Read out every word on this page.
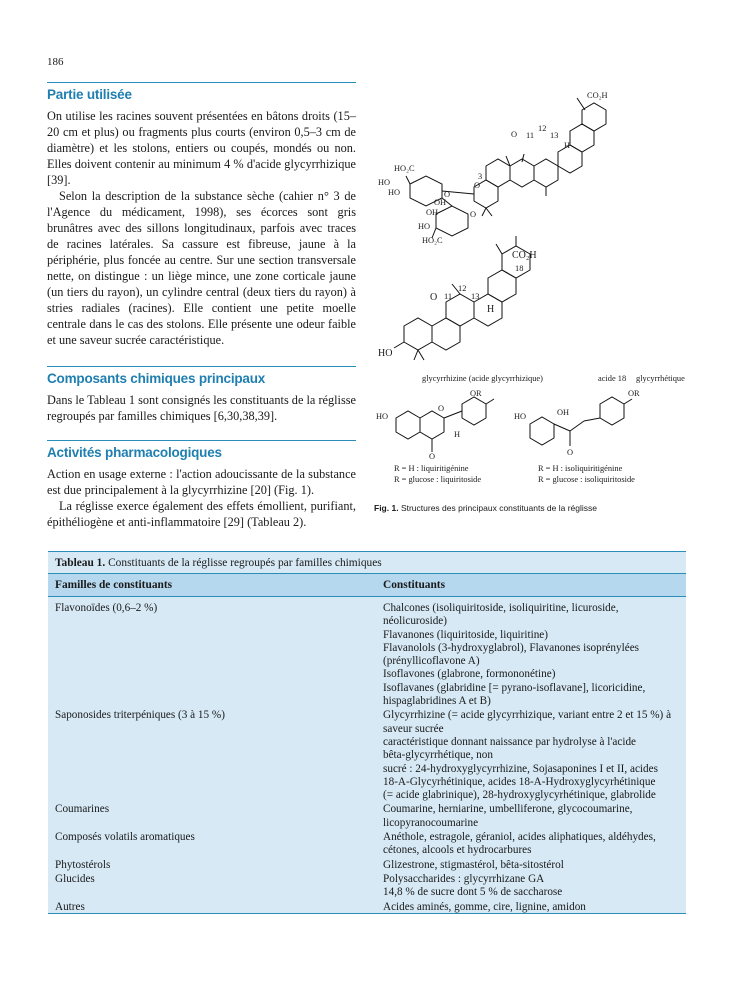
186
Partie utilisée

On utilise les racines souvent présentées en bâtons droits (15–20 cm et plus) ou fragments plus courts (environ 0,5–3 cm de diamètre) et les stolons, entiers ou coupés, mondés ou non. Elles doivent contenir au minimum 4 % d'acide glycyrrhizique [39].

Selon la description de la substance sèche (cahier n° 3 de l'Agence du médicament, 1998), ses écorces sont gris brunâtres avec des sillons longitudinaux, parfois avec traces de racines latérales. Sa cassure est fibreuse, jaune à la périphérie, plus foncée au centre. Sur une section transversale nette, on distingue : un liège mince, une zone corticale jaune (un tiers du rayon), un cylindre central (deux tiers du rayon) à stries radiales (racines). Elle contient une petite moelle centrale dans le cas des stolons. Elle présente une odeur faible et une saveur sucrée caractéristique.

Composants chimiques principaux

Dans le Tableau 1 sont consignés les constituants de la réglisse regroupés par familles chimiques [6,30,38,39].

Activités pharmacologiques

Action en usage externe : l'action adoucissante de la substance est due principalement à la glycyrrhizine [20] (Fig. 1).

La réglisse exerce également des effets émollient, purifiant, épithéliogène et anti-inflammatoire [29] (Tableau 2).

CO₂H
O 11
12
13
H
3
O
HO₂C
HO
HO	O
OH
OH	O
HO
HO₂C
CO₂H
18
O 11
12
13
H
HO
glycyrrhizine (acide glycyrrhizique)	acide 18 glycyrrhétique
OR
HO
O
H
O
R = H : liquiritigénine
R = glucose : liquiritoside
OR
HO	OH
O
R = H : isoliquiritigénine
R = glucose : isoliquiritoside
Fig. 1. Structures des principaux constituants de la réglisse
Tableau 1. Constituants de la réglisse regroupés par familles chimiques
Familles de constituants	Constituants
Flavonoïdes (0,6–2 %)	Chalcones (isoliquiritoside, isoliquiritine, licuroside, néolicuroside)
Flavanones (liquiritoside, liquiritine)
Flavanolols (3-hydroxyglabrol), Flavanones isoprénylées
(prényllicoflavone A)
Isoflavones (glabrone, formononétine)
Isoflavanes (glabridine [= pyrano-isoflavane], licoricidine,
hispaglabridines A et B)
Saponosides triterpéniques (3 à 15 %)	Glycyrrhizine (= acide glycyrrhizique, variant entre 2 et 15 %) à
saveur sucrée
caractéristique donnant naissance par hydrolyse à l'acide
bêta-glycyrrhétique, non
sucré : 24-hydroxyglycyrrhizine, Sojasaponines I et II, acides
18-A-Glycyrhétinique, acides 18-A-Hydroxyglycyrhétinique
(= acide glabrinique), 28-hydroxyglycyrhétinique, glabrolide
Coumarines	Coumarine, herniarine, umbelliferone, glycocoumarine,
licopyranocoumarine
Composés volatils aromatiques	Anéthole, estragole, géraniol, acides aliphatiques, aldéhydes,
cétones, alcools et hydrocarbures
Phytostérols	Glizestrone, stigmastérol, bêta-sitostérol
Glucides	Polysaccharides : glycyrrhizane GA
14,8 % de sucre dont 5 % de saccharose
Autres	Acides aminés, gomme, cire, lignine, amidon
